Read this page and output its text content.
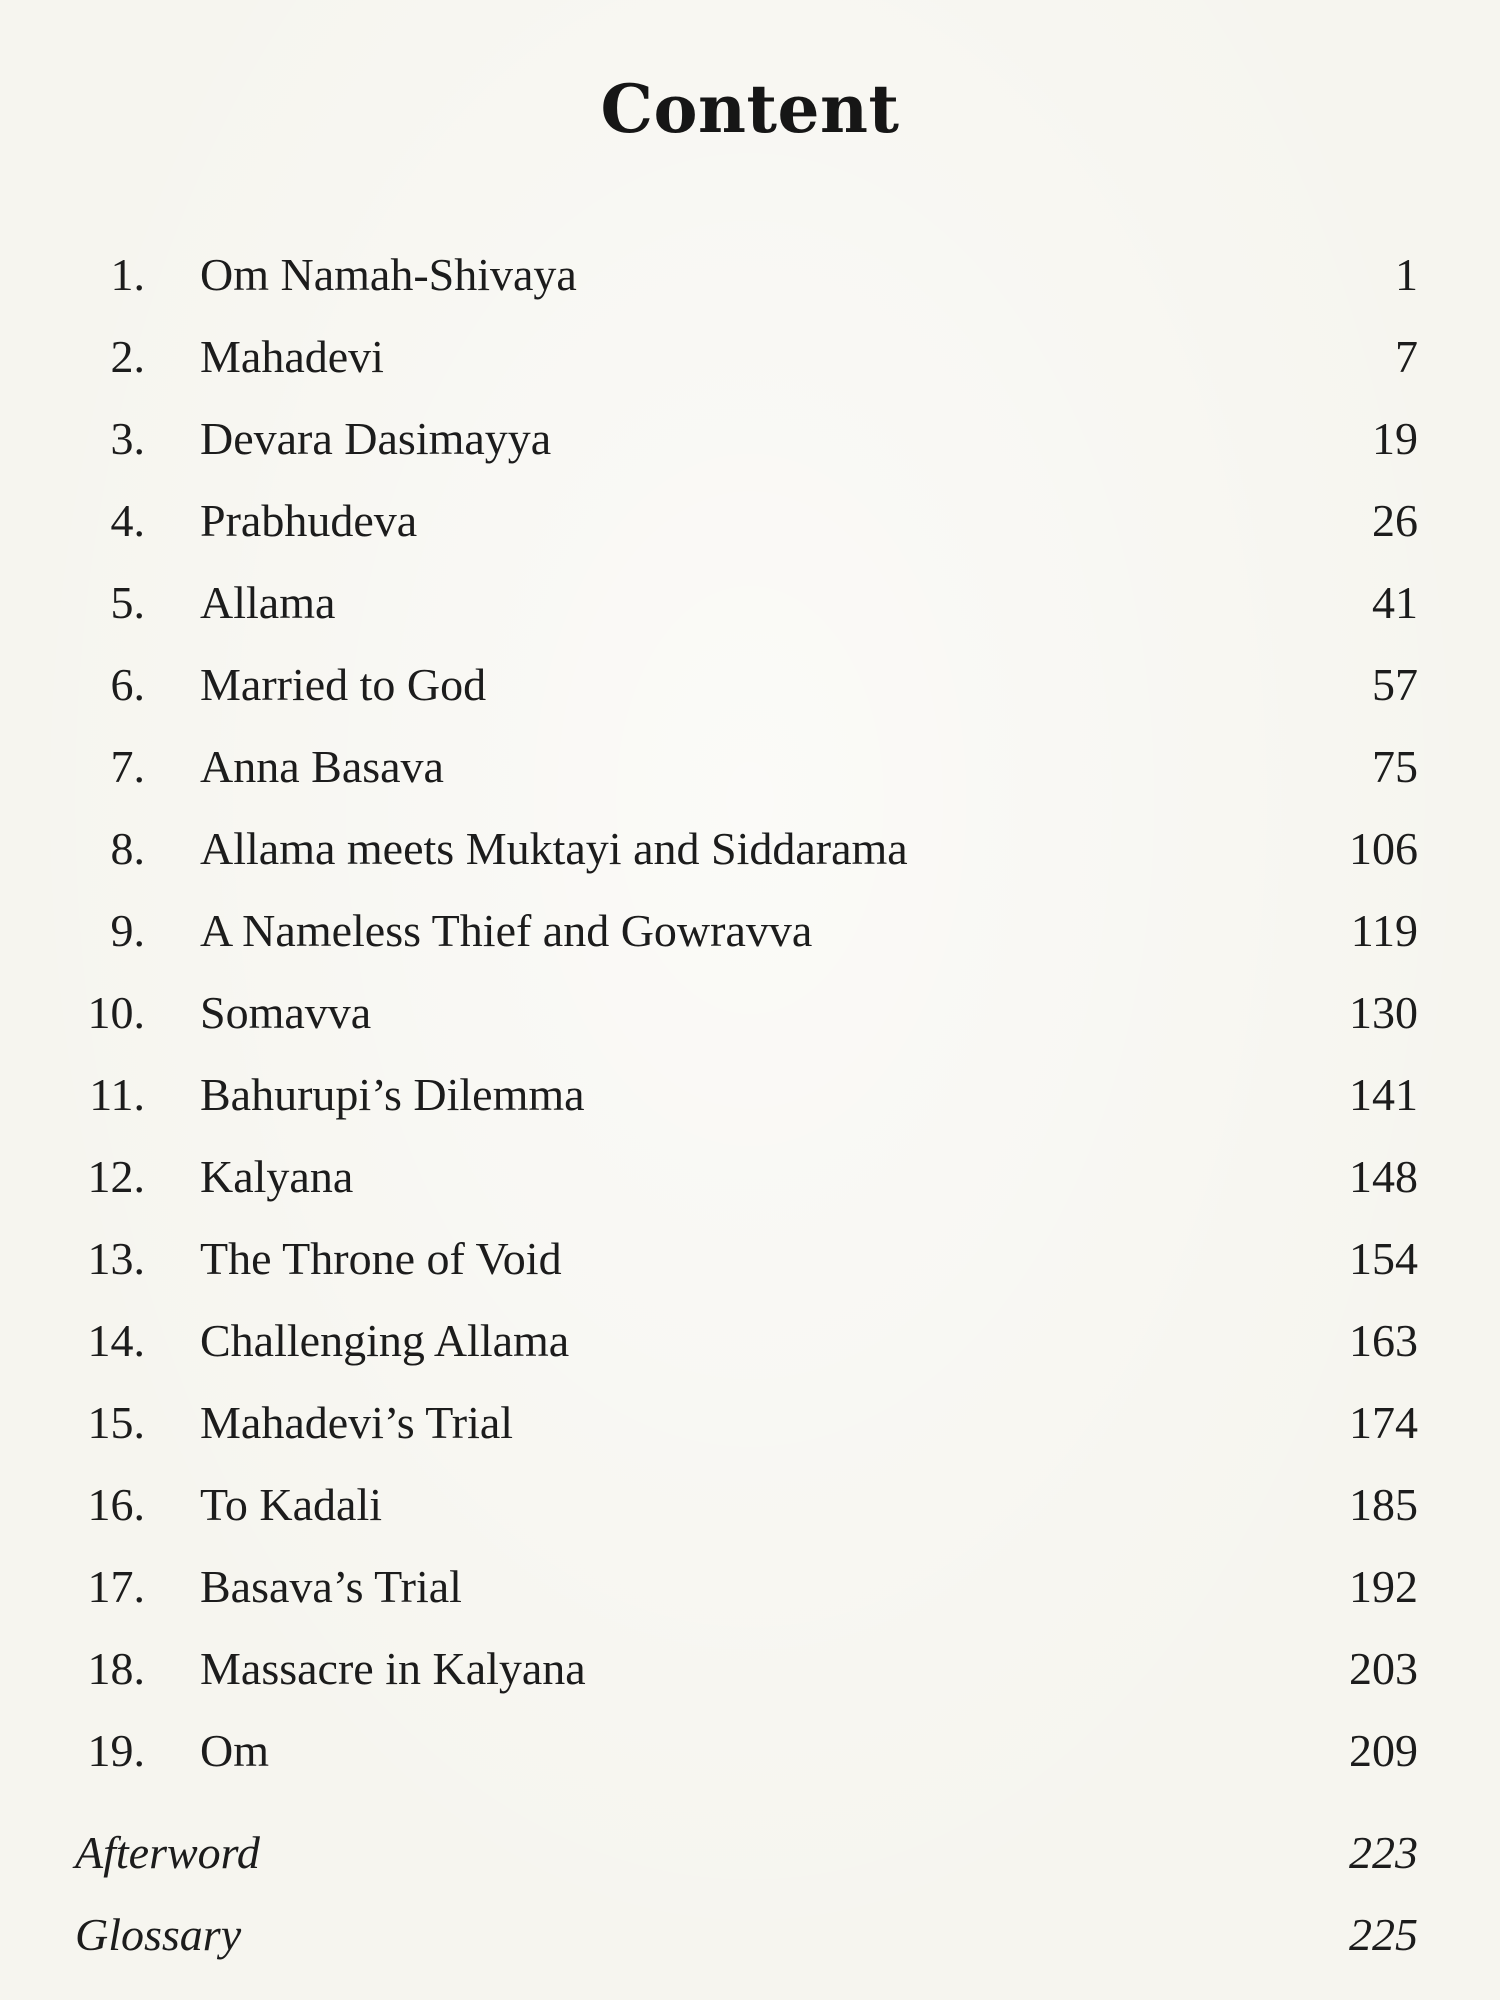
Content
1. Om Namah-Shivaya	1
2. Mahadevi	7
3. Devara Dasimayya	19
4. Prabhudeva	26
5. Allama	41
6. Married to God	57
7. Anna Basava	75
8. Allama meets Muktayi and Siddarama	106
9. A Nameless Thief and Gowravva	119
10. Somavva	130
11. Bahurupi’s Dilemma	141
12. Kalyana	148
13. The Throne of Void	154
14. Challenging Allama	163
15. Mahadevi’s Trial	174
16. To Kadali	185
17. Basava’s Trial	192
18. Massacre in Kalyana	203
19. Om	209
Afterword	223
Glossary	225
